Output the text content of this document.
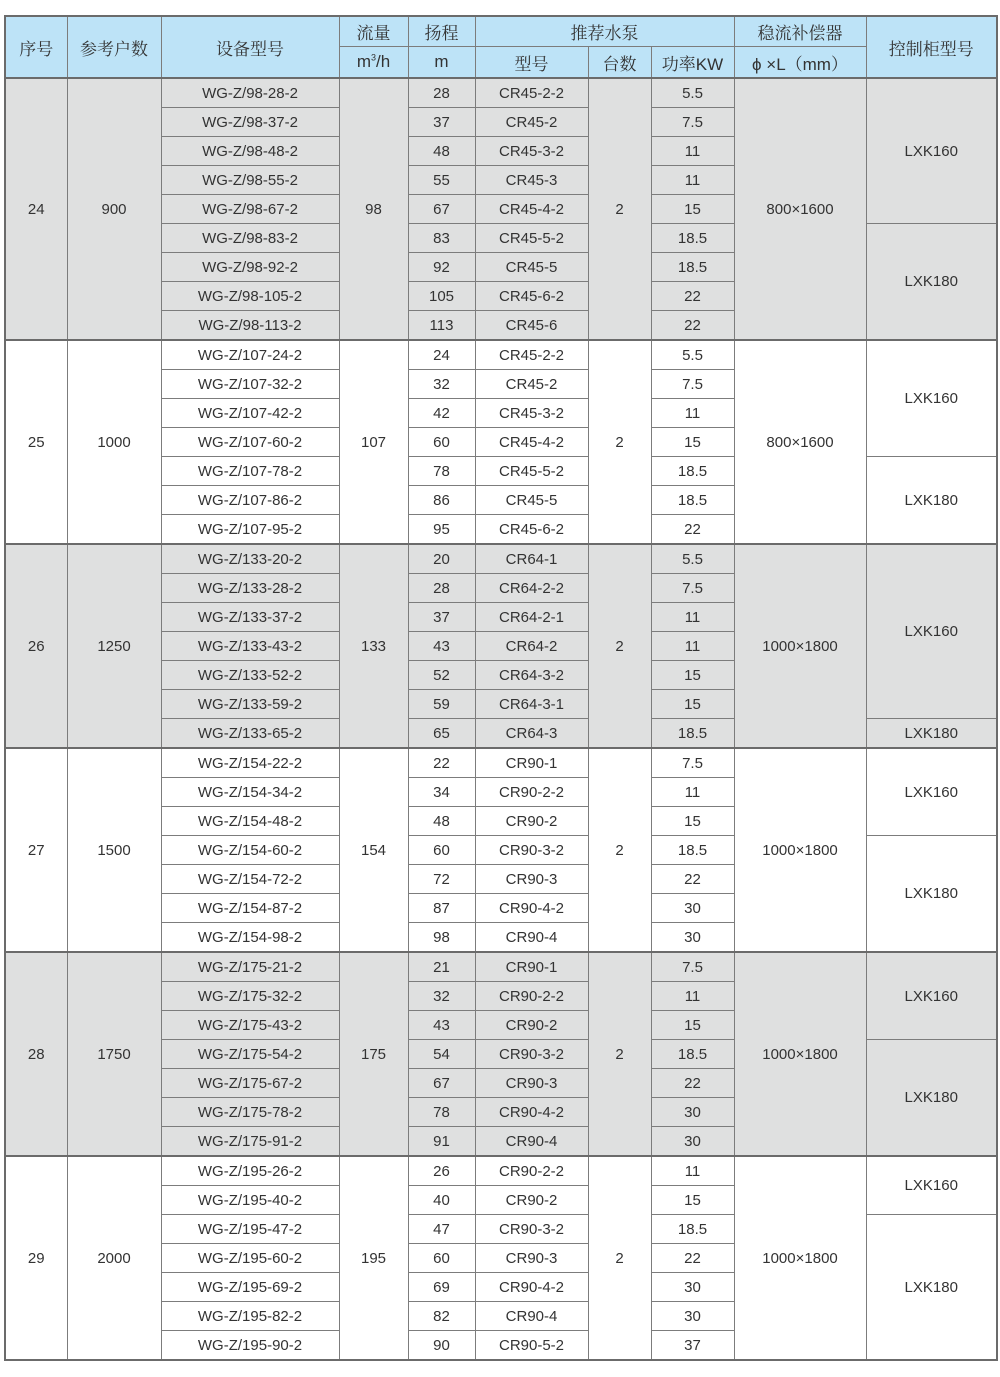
序号	参考户数	设备型号	流量	扬程	推荐水泵			稳流补偿器	控制柜型号
			$m^3/h$	m	型号	台数	功率KW	ϕ ×L（mm）	
24	900	WG-Z/98-28-2	98	28	CR45-2-2	2	5.5	800×1600	LXK160
		WG-Z/98-37-2		37	CR45-2		7.5		
		WG-Z/98-48-2		48	CR45-3-2		11		
		WG-Z/98-55-2		55	CR45-3		11		
		WG-Z/98-67-2		67	CR45-4-2		15		
		WG-Z/98-83-2		83	CR45-5-2		18.5		LXK180
		WG-Z/98-92-2		92	CR45-5		18.5		
		WG-Z/98-105-2		105	CR45-6-2		22		
		WG-Z/98-113-2		113	CR45-6		22		
25	1000	WG-Z/107-24-2	107	24	CR45-2-2	2	5.5	800×1600	LXK160
		WG-Z/107-32-2		32	CR45-2		7.5		
		WG-Z/107-42-2		42	CR45-3-2		11		
		WG-Z/107-60-2		60	CR45-4-2		15		
		WG-Z/107-78-2		78	CR45-5-2		18.5		LXK180
		WG-Z/107-86-2		86	CR45-5		18.5		
		WG-Z/107-95-2		95	CR45-6-2		22		
26	1250	WG-Z/133-20-2	133	20	CR64-1	2	5.5	1000×1800	LXK160
		WG-Z/133-28-2		28	CR64-2-2		7.5		
		WG-Z/133-37-2		37	CR64-2-1		11		
		WG-Z/133-43-2		43	CR64-2		11		
		WG-Z/133-52-2		52	CR64-3-2		15		
		WG-Z/133-59-2		59	CR64-3-1		15		
		WG-Z/133-65-2		65	CR64-3		18.5		LXK180
27	1500	WG-Z/154-22-2	154	22	CR90-1	2	7.5	1000×1800	LXK160
		WG-Z/154-34-2		34	CR90-2-2		11		
		WG-Z/154-48-2		48	CR90-2		15		
		WG-Z/154-60-2		60	CR90-3-2		18.5		LXK180
		WG-Z/154-72-2		72	CR90-3		22		
		WG-Z/154-87-2		87	CR90-4-2		30		
		WG-Z/154-98-2		98	CR90-4		30		
28	1750	WG-Z/175-21-2	175	21	CR90-1	2	7.5	1000×1800	LXK160
		WG-Z/175-32-2		32	CR90-2-2		11		
		WG-Z/175-43-2		43	CR90-2		15		
		WG-Z/175-54-2		54	CR90-3-2		18.5		LXK180
		WG-Z/175-67-2		67	CR90-3		22		
		WG-Z/175-78-2		78	CR90-4-2		30		
		WG-Z/175-91-2		91	CR90-4		30		
29	2000	WG-Z/195-26-2	195	26	CR90-2-2	2	11	1000×1800	LXK160
		WG-Z/195-40-2		40	CR90-2		15		
		WG-Z/195-47-2		47	CR90-3-2		18.5		LXK180
		WG-Z/195-60-2		60	CR90-3		22		
		WG-Z/195-69-2		69	CR90-4-2		30		
		WG-Z/195-82-2		82	CR90-4		30		
		WG-Z/195-90-2		90	CR90-5-2		37		
